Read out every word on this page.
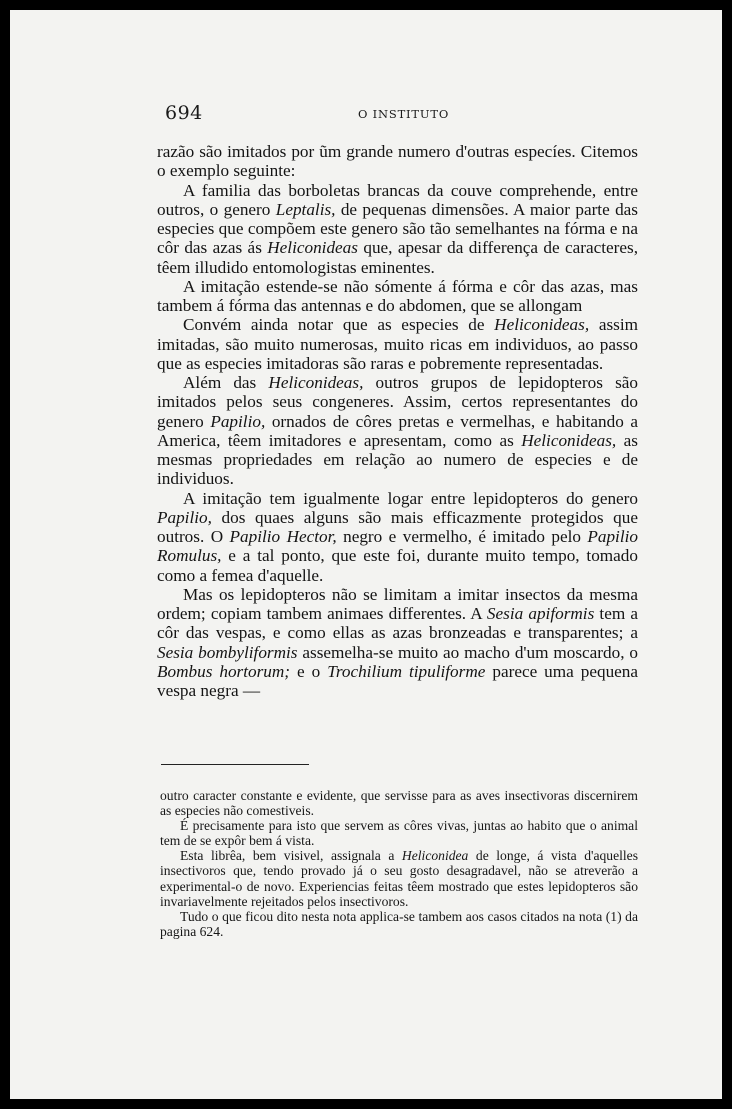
694	O INSTITUTO

razão são imitados por ũm grande numero d'outras especíes. Citemos o exemplo seguinte:

A familia das borboletas brancas da couve comprehende, entre outros, o genero Leptalis, de pequenas dimensões. A maior parte das especies que compõem este genero são tão semelhantes na fórma e na côr das azas ás Heliconideas que, apesar da differença de caracteres, têem illudido entomologistas eminentes.

A imitação estende-se não sómente á fórma e côr das azas, mas tambem á fórma das antennas e do abdomen, que se allongam

Convém ainda notar que as especies de Heliconideas, assim imitadas, são muito numerosas, muito ricas em individuos, ao passo que as especies imitadoras são raras e pobremente representadas.

Além das Heliconideas, outros grupos de lepidopteros são imitados pelos seus congeneres. Assim, certos representantes do genero Papilio, ornados de côres pretas e vermelhas, e habitando a America, têem imitadores e apresentam, como as Heliconideas, as mesmas propriedades em relação ao numero de especies e de individuos.

A imitação tem igualmente logar entre lepidopteros do genero Papilio, dos quaes alguns são mais efficazmente protegidos que outros. O Papilio Hector, negro e vermelho, é imitado pelo Papilio Romulus, e a tal ponto, que este foi, durante muito tempo, tomado como a femea d'aquelle.

Mas os lepidopteros não se limitam a imitar insectos da mesma ordem; copiam tambem animaes differentes. A Sesia apiformis tem a côr das vespas, e como ellas as azas bronzeadas e transparentes; a Sesia bombyliformis assemelha-se muito ao macho d'um moscardo, o Bombus hortorum; e o Trochilium tipuliforme parece uma pequena vespa negra —

outro caracter constante e evidente, que servisse para as aves insectivoras discernirem as especies não comestiveis.

É precisamente para isto que servem as côres vivas, juntas ao habito que o animal tem de se expôr bem á vista.

Esta librêa, bem visivel, assignala a Heliconidea de longe, á vista d'aquelles insectivoros que, tendo provado já o seu gosto desagradavel, não se atreverão a experimental-o de novo. Experiencias feitas têem mostrado que estes lepidopteros são invariavelmente rejeitados pelos insectivoros.

Tudo o que ficou dito nesta nota applica-se tambem aos casos citados na nota (1) da pagina 624.
